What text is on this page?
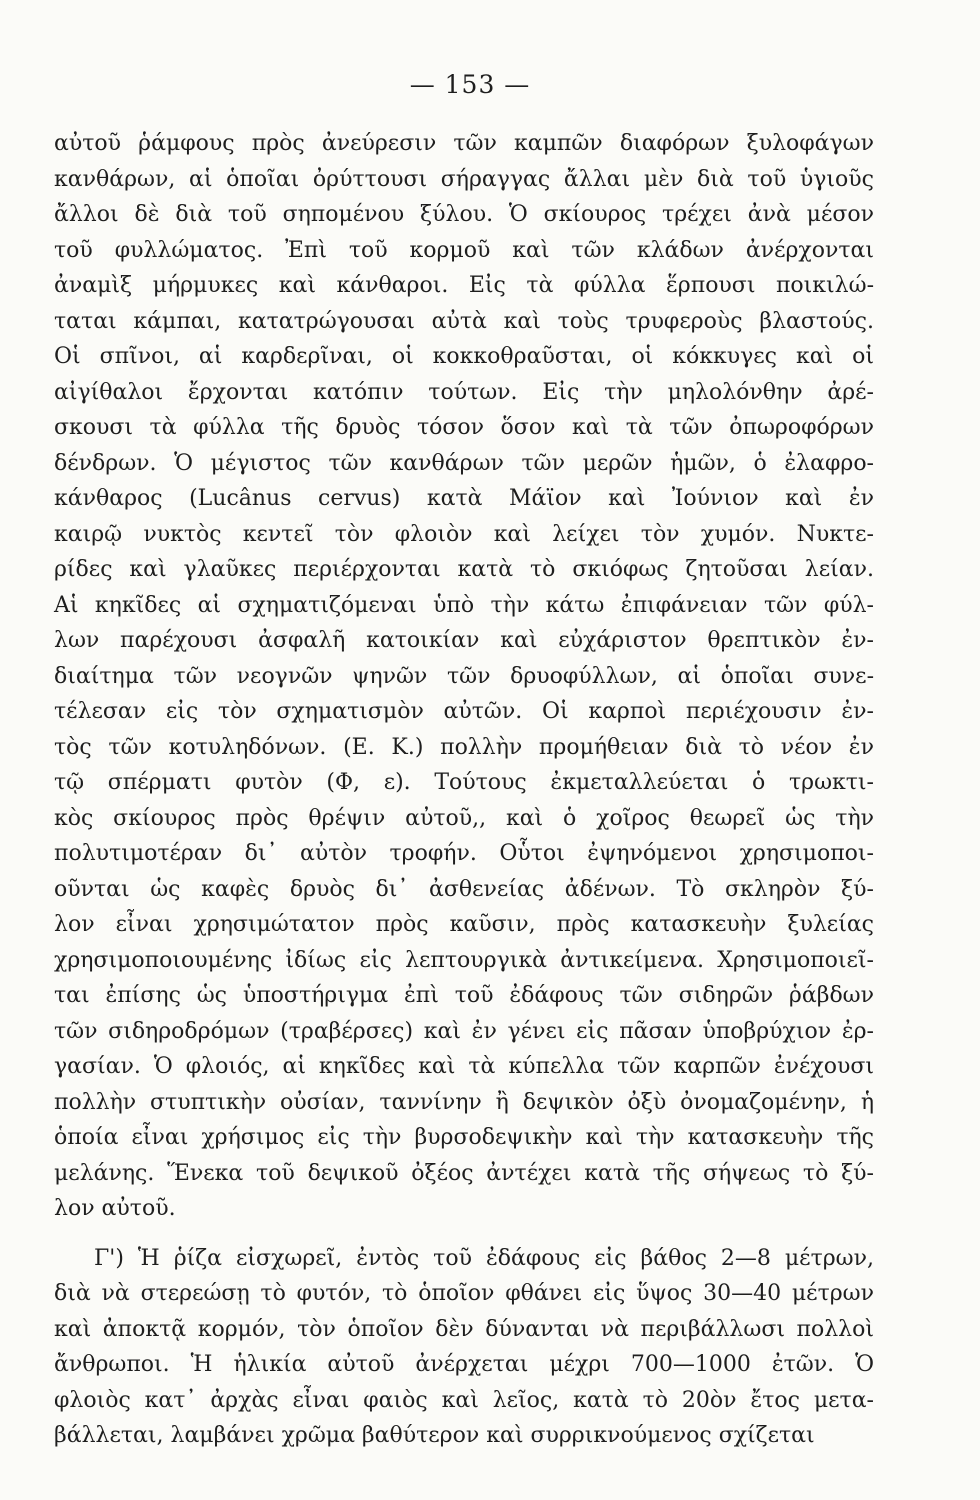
— 153 —
αὐτοῦ ῥάμφους πρὸς ἀνεύρεσιν τῶν καμπῶν διαφόρων ξυλοφάγων
κανθάρων, αἱ ὁποῖαι ὀρύττουσι σήραγγας ἄλλαι μὲν διὰ τοῦ ὑγιοῦς
ἄλλοι δὲ διὰ τοῦ σηπομένου ξύλου. Ὁ σκίουρος τρέχει ἀνὰ μέσον
τοῦ φυλλώματος. Ἐπὶ τοῦ κορμοῦ καὶ τῶν κλάδων ἀνέρχονται
ἀναμὶξ μήρμυκες καὶ κάνθαροι. Εἰς τὰ φύλλα ἕρπουσι ποικιλώ-
ταται κάμπαι, κατατρώγουσαι αὐτὰ καὶ τοὺς τρυφεροὺς βλαστούς.
Οἱ σπῖνοι, αἱ καρδερῖναι, οἱ κοκκοθραῦσται, οἱ κόκκυγες καὶ οἱ
αἰγίθαλοι ἔρχονται κατόπιν τούτων. Εἰς τὴν μηλολόνθην ἀρέ-
σκουσι τὰ φύλλα τῆς δρυὸς τόσον ὅσον καὶ τὰ τῶν ὀπωροφόρων
δένδρων. Ὁ μέγιστος τῶν κανθάρων τῶν μερῶν ἡμῶν, ὁ ἐλαφρο-
κάνθαρος (Lucânus cervus) κατὰ Μάϊον καὶ Ἰούνιον καὶ ἐν
καιρῷ νυκτὸς κεντεῖ τὸν φλοιὸν καὶ λείχει τὸν χυμόν. Νυκτε-
ρίδες καὶ γλαῦκες περιέρχονται κατὰ τὸ σκιόφως ζητοῦσαι λείαν.
Αἱ κηκῖδες αἱ σχηματιζόμεναι ὑπὸ τὴν κάτω ἐπιφάνειαν τῶν φύλ-
λων παρέχουσι ἀσφαλῆ κατοικίαν καὶ εὐχάριστον θρεπτικὸν ἐν-
διαίτημα τῶν νεογνῶν ψηνῶν τῶν δρυοφύλλων, αἱ ὁποῖαι συνε-
τέλεσαν εἰς τὸν σχηματισμὸν αὐτῶν. Οἱ καρποὶ περιέχουσιν ἐν-
τὸς τῶν κοτυληδόνων. (Ε. Κ.) πολλὴν προμήθειαν διὰ τὸ νέον ἐν
τῷ σπέρματι φυτὸν (Φ, ε). Τούτους ἐκμεταλλεύεται ὁ τρωκτι-
κὸς σκίουρος πρὸς θρέψιν αὐτοῦ,, καὶ ὁ χοῖρος θεωρεῖ ὡς τὴν
πολυτιμοτέραν δι᾿ αὐτὸν τροφήν. Οὗτοι ἐψηνόμενοι χρησιμοποι-
οῦνται ὡς καφὲς δρυὸς δι᾿ ἀσθενείας ἀδένων. Τὸ σκληρὸν ξύ-
λον εἶναι χρησιμώτατον πρὸς καῦσιν, πρὸς κατασκευὴν ξυλείας
χρησιμοποιουμένης ἰδίως εἰς λεπτουργικὰ ἀντικείμενα. Χρησιμοποιεῖ-
ται ἐπίσης ὡς ὑποστήριγμα ἐπὶ τοῦ ἐδάφους τῶν σιδηρῶν ῥάβδων
τῶν σιδηροδρόμων (τραβέρσες) καὶ ἐν γένει εἰς πᾶσαν ὑποβρύχιον ἐρ-
γασίαν. Ὁ φλοιός, αἱ κηκῖδες καὶ τὰ κύπελλα τῶν καρπῶν ἐνέχουσι
πολλὴν στυπτικὴν οὐσίαν, ταννίνην ἢ δεψικὸν ὀξὺ ὀνομαζομένην, ἡ
ὁποία εἶναι χρήσιμος εἰς τὴν βυρσοδεψικὴν καὶ τὴν κατασκευὴν τῆς
μελάνης. Ἕνεκα τοῦ δεψικοῦ ὀξέος ἀντέχει κατὰ τῆς σήψεως τὸ ξύ-
λον αὐτοῦ.
Γ') Ἡ ῥίζα εἰσχωρεῖ, ἐντὸς τοῦ ἐδάφους εἰς βάθος 2—8 μέτρων,
διὰ νὰ στερεώσῃ τὸ φυτόν, τὸ ὁποῖον φθάνει εἰς ὕψος 30—40 μέτρων
καὶ ἀποκτᾷ κορμόν, τὸν ὁποῖον δὲν δύνανται νὰ περιβάλλωσι πολλοὶ
ἄνθρωποι. Ἡ ἡλικία αὐτοῦ ἀνέρχεται μέχρι 700—1000 ἐτῶν. Ὁ
φλοιὸς κατ᾿ ἀρχὰς εἶναι φαιὸς καὶ λεῖος, κατὰ τὸ 20ὸν ἔτος μετα-
βάλλεται, λαμβάνει χρῶμα βαθύτερον καὶ συρρικνούμενος σχίζεται
